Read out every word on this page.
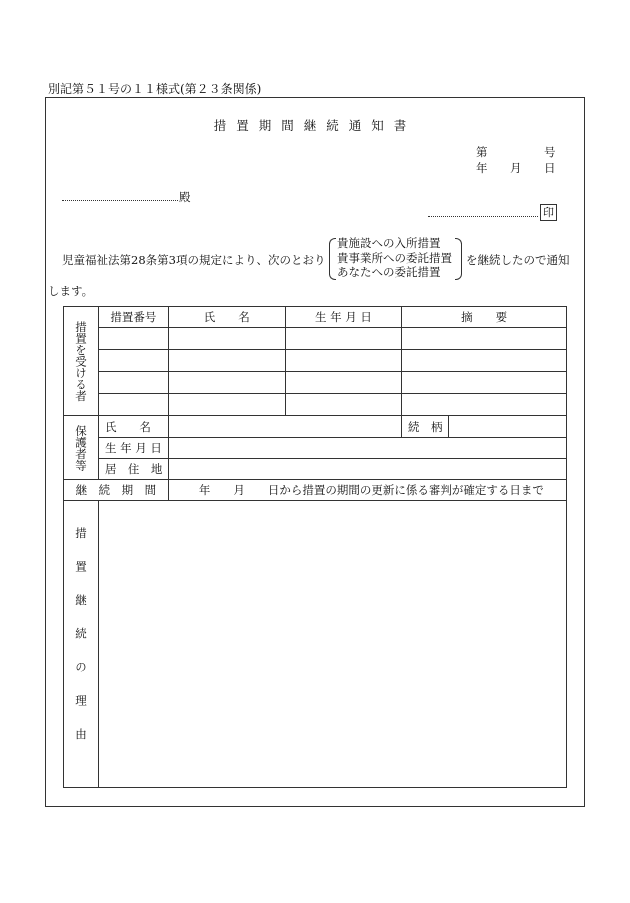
別記第５１号の１１様式(第２３条関係)
措置期間継続通知書
第	号
年 月 日
殿
印
児童福祉法第28条第3項の規定により、次のとおり
貴施設への入所措置
貴事業所への委託措置
あなたへの委託措置
を継続したので通知
します。
措置を受ける者	措置番号	氏　　名	生 年 月 日	摘　　要	

保護者等	氏　　名			続　柄	
	生 年 月 日				
	居　住　地				
継　続　期　間		年　　月　　日から措置の期間の更新に係る審判が確定する日まで			
措置継続の理由					
